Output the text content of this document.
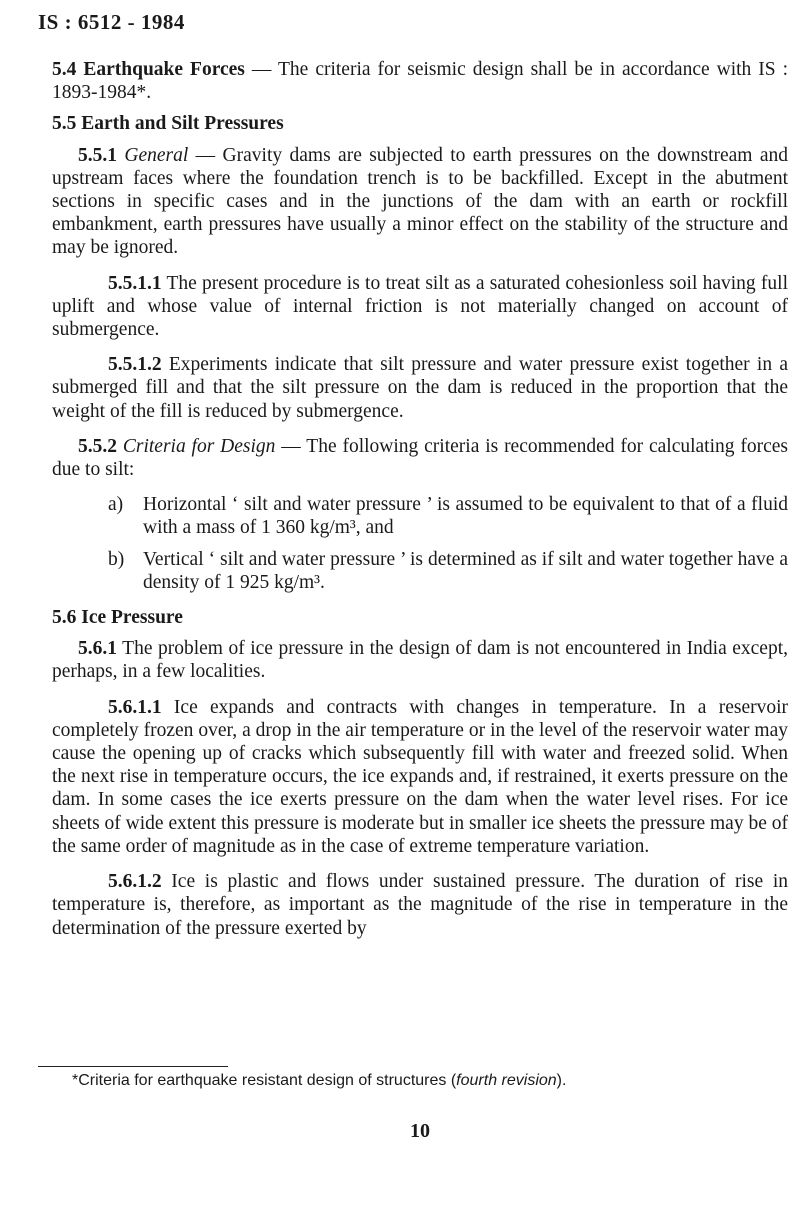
IS : 6512 - 1984

5.4 Earthquake Forces — The criteria for seismic design shall be in accordance with IS : 1893-1984*.

5.5 Earth and Silt Pressures

5.5.1 General — Gravity dams are subjected to earth pressures on the downstream and upstream faces where the foundation trench is to be backfilled. Except in the abutment sections in specific cases and in the junctions of the dam with an earth or rockfill embankment, earth pressures have usually a minor effect on the stability of the structure and may be ignored.

5.5.1.1 The present procedure is to treat silt as a saturated cohesionless soil having full uplift and whose value of internal friction is not materially changed on account of submergence.

5.5.1.2 Experiments indicate that silt pressure and water pressure exist together in a submerged fill and that the silt pressure on the dam is reduced in the proportion that the weight of the fill is reduced by submergence.

5.5.2 Criteria for Design — The following criteria is recommended for calculating forces due to silt:

a)	Horizontal ‘ silt and water pressure ’ is assumed to be equivalent to that of a fluid with a mass of 1 360 kg/m³, and
b) Vertical ‘ silt and water pressure ’ is determined as if silt and water together have a density of 1 925 kg/m³.

5.6 Ice Pressure

5.6.1 The problem of ice pressure in the design of dam is not encountered in India except, perhaps, in a few localities.

5.6.1.1 Ice expands and contracts with changes in temperature. In a reservoir completely frozen over, a drop in the air temperature or in the level of the reservoir water may cause the opening up of cracks which subsequently fill with water and freezed solid. When the next rise in temperature occurs, the ice expands and, if restrained, it exerts pressure on the dam. In some cases the ice exerts pressure on the dam when the water level rises. For ice sheets of wide extent this pressure is moderate but in smaller ice sheets the pressure may be of the same order of magnitude as in the case of extreme temperature variation.

5.6.1.2 Ice is plastic and flows under sustained pressure. The duration of rise in temperature is, therefore, as important as the magnitude of the rise in temperature in the determination of the pressure exerted by

*Criteria for earthquake resistant design of structures (fourth revision).
10
